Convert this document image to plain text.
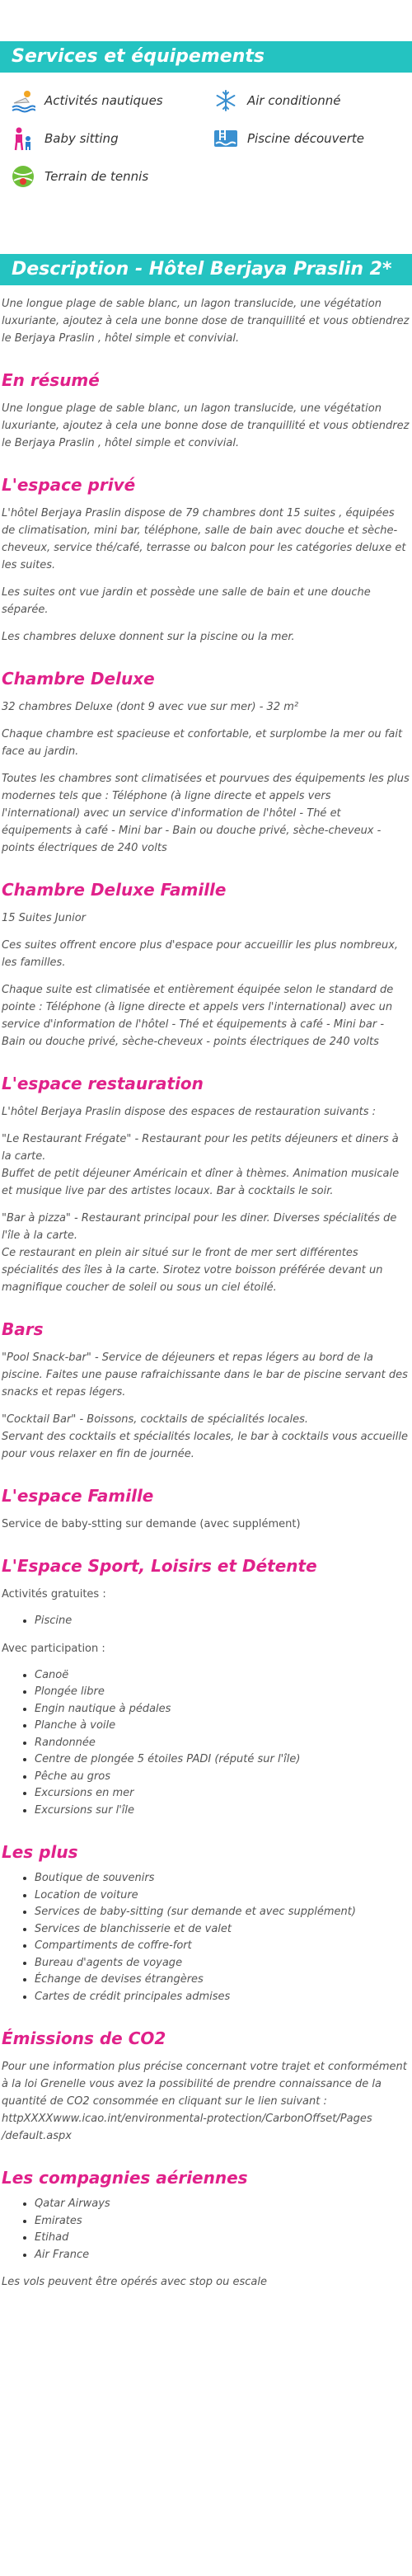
Services et équipements
Activités nautiques	Air conditionné
Baby sitting	Piscine découverte
Terrain de tennis
Description - Hôtel Berjaya Praslin 2*

Une longue plage de sable blanc, un lagon translucide, une végétation luxuriante, ajoutez à cela une bonne dose de tranquillité et vous obtiendrez le Berjaya Praslin , hôtel simple et convivial.

En résumé

Une longue plage de sable blanc, un lagon translucide, une végétation luxuriante, ajoutez à cela une bonne dose de tranquillité et vous obtiendrez le Berjaya Praslin , hôtel simple et convivial.

L'espace privé

L'hôtel Berjaya Praslin dispose de 79 chambres dont 15 suites , équipées de climatisation, mini bar, téléphone, salle de bain avec douche et sèche-cheveux, service thé/café, terrasse ou balcon pour les catégories deluxe et les suites.

Les suites ont vue jardin et possède une salle de bain et une douche séparée.

Les chambres deluxe donnent sur la piscine ou la mer.

Chambre Deluxe

32 chambres Deluxe (dont 9 avec vue sur mer) - 32 m²

Chaque chambre est spacieuse et confortable, et surplombe la mer ou fait face au jardin.

Toutes les chambres sont climatisées et pourvues des équipements les plus modernes tels que : Téléphone (à ligne directe et appels vers l'international) avec un service d'information de l'hôtel - Thé et équipements à café - Mini bar - Bain ou douche privé, sèche-cheveux - points électriques de 240 volts

Chambre Deluxe Famille

15 Suites Junior

Ces suites offrent encore plus d'espace pour accueillir les plus nombreux, les familles.

Chaque suite est climatisée et entièrement équipée selon le standard de pointe : Téléphone (à ligne directe et appels vers l'international) avec un service d'information de l'hôtel - Thé et équipements à café - Mini bar - Bain ou douche privé, sèche-cheveux - points électriques de 240 volts

L'espace restauration

L'hôtel Berjaya Praslin dispose des espaces de restauration suivants :

"Le Restaurant Frégate" - Restaurant pour les petits déjeuners et diners à la carte.
Buffet de petit déjeuner Américain et dîner à thèmes. Animation musicale et musique live par des artistes locaux. Bar à cocktails le soir.

"Bar à pizza" - Restaurant principal pour les diner. Diverses spécialités de l'île à la carte.
Ce restaurant en plein air situé sur le front de mer sert différentes spécialités des îles à la carte. Sirotez votre boisson préférée devant un magnifique coucher de soleil ou sous un ciel étoilé.

Bars

"Pool Snack-bar" - Service de déjeuners et repas légers au bord de la piscine. Faites une pause rafraichissante dans le bar de piscine servant des snacks et repas légers.

"Cocktail Bar" - Boissons, cocktails de spécialités locales.
Servant des cocktails et spécialités locales, le bar à cocktails vous accueille pour vous relaxer en fin de journée.

L'espace Famille

Service de baby-stting sur demande (avec supplément)

L'Espace Sport, Loisirs et Détente

Activités gratuites :

• Piscine

Avec participation :

• Canoë
• Plongée libre
• Engin nautique à pédales
• Planche à voile
• Randonnée
• Centre de plongée 5 étoiles PADI (réputé sur l'île)
• Pêche au gros
• Excursions en mer
• Excursions sur l'île
Les plus
• Boutique de souvenirs
• Location de voiture
• Services de baby-sitting (sur demande et avec supplément)
• Services de blanchisserie et de valet
• Compartiments de coffre-fort
• Bureau d'agents de voyage
• Échange de devises étrangères
• Cartes de crédit principales admises
Émissions de CO2

Pour une information plus précise concernant votre trajet et conformément à la loi Grenelle vous avez la possibilité de prendre connaissance de la quantité de CO2 consommée en cliquant sur le lien suivant : httpXXXXwww.icao.int/environmental-protection/CarbonOffset/Pages /default.aspx

Les compagnies aériennes
• Qatar Airways
• Emirates
• Etihad
• Air France

Les vols peuvent être opérés avec stop ou escale
